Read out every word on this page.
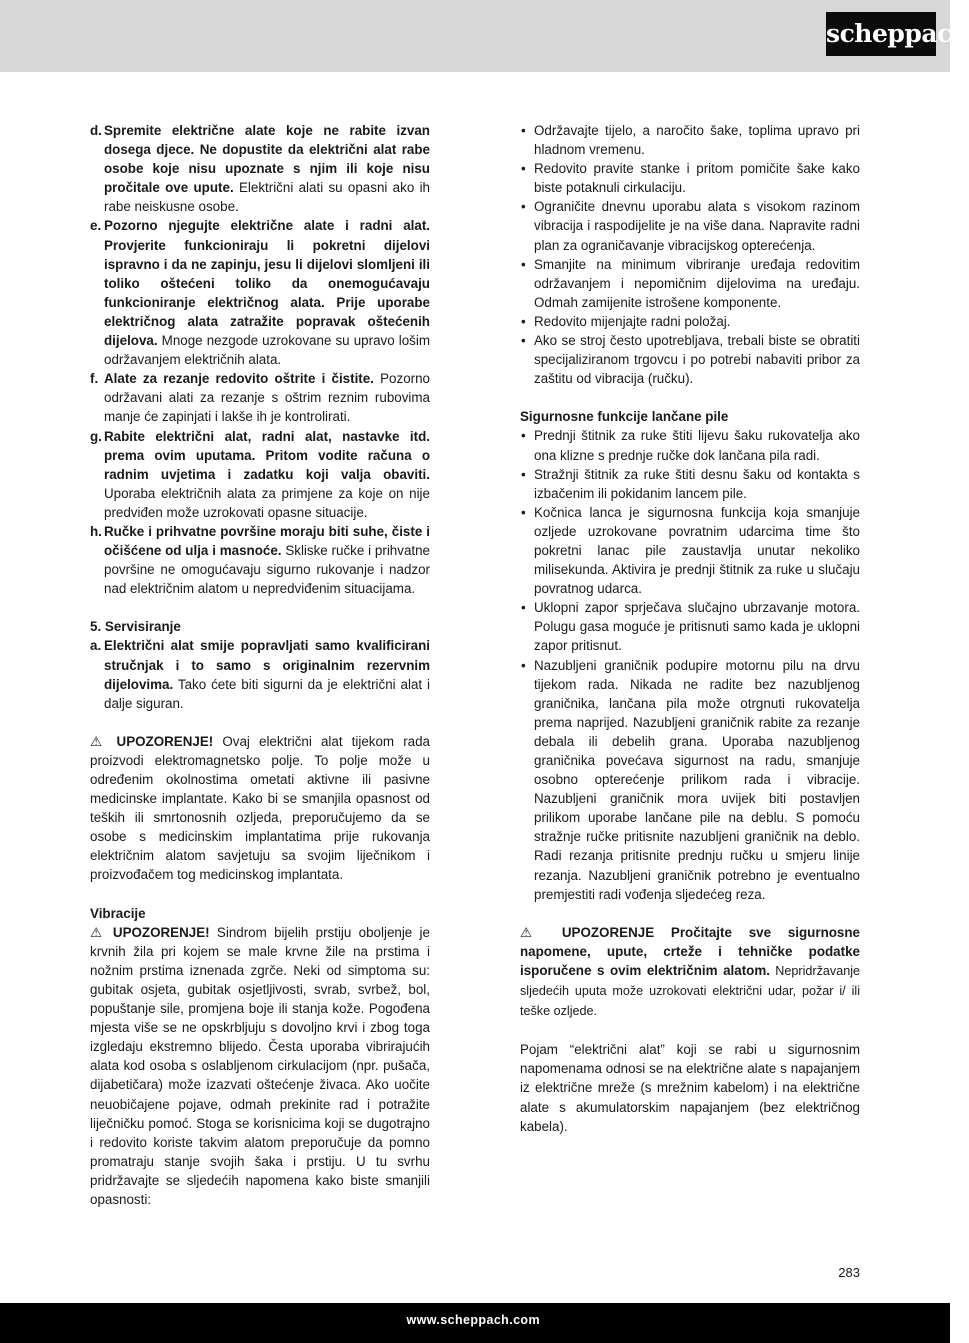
scheppach
d. Spremite električne alate koje ne rabite izvan dosega djece. Ne dopustite da električni alat rabe osobe koje nisu upoznate s njim ili koje nisu pročitale ove upute. Električni alati su opasni ako ih rabe neiskusne osobe.
e. Pozorno njegujte električne alate i radni alat. Provjerite funkcioniraju li pokretni dijelovi ispravno i da ne zapinju, jesu li dijelovi slomljeni ili toliko oštećeni toliko da onemogućavaju funkcioniranje električnog alata. Prije uporabe električnog alata zatražite popravak oštećenih dijelova. Mnoge nezgode uzrokovane su upravo lošim održavanjem električnih alata.
f. Alate za rezanje redovito oštrite i čistite. Pozorno održavani alati za rezanje s oštrim reznim rubovima manje će zapinjati i lakše ih je kontrolirati.
g. Rabite električni alat, radni alat, nastavke itd. prema ovim uputama. Pritom vodite računa o radnim uvjetima i zadatku koji valja obaviti. Uporaba električnih alata za primjene za koje on nije predviđen može uzrokovati opasne situacije.
h. Ručke i prihvatne površine moraju biti suhe, čiste i očišćene od ulja i masnoće. Skliske ručke i prihvatne površine ne omogućavaju sigurno rukovanje i nadzor nad električnim alatom u nepredviđenim situacijama.
5. Servisiranje
a. Električni alat smije popravljati samo kvalificirani stručnjak i to samo s originalnim rezervnim dijelovima. Tako ćete biti sigurni da je električni alat i dalje siguran.
⚠ UPOZORENJE! Ovaj električni alat tijekom rada proizvodi elektromagnetsko polje. To polje može u određenim okolnostima ometati aktivne ili pasivne medicinske implantate. Kako bi se smanjila opasnost od teških ili smrtonosnih ozljeda, preporučujemo da se osobe s medicinskim implantatima prije rukovanja električnim alatom savjetuju sa svojim liječnikom i proizvođačem tog medicinskog implantata.
Vibracije
⚠ UPOZORENJE! Sindrom bijelih prstiju oboljenje je krvnih žila pri kojem se male krvne žile na prstima i nožnim prstima iznenada zgrče. Neki od simptoma su: gubitak osjeta, gubitak osjetljivosti, svrab, svrbež, bol, popuštanje sile, promjena boje ili stanja kože. Pogođena mjesta više se ne opskrbljuju s dovoljno krvi i zbog toga izgledaju ekstremno blijedo. Česta uporaba vibrirajućih alata kod osoba s oslabljenom cirkulacijom (npr. pušača, dijabetičara) može izazvati oštećenje živaca. Ako uočite neuobičajene pojave, odmah prekinite rad i potražite liječničku pomoć. Stoga se korisnicima koji se dugotrajno i redovito koriste takvim alatom preporučuje da pomno promatraju stanje svojih šaka i prstiju. U tu svrhu pridržavajte se sljedećih napomena kako biste smanjili opasnosti:
• Održavajte tijelo, a naročito šake, toplima upravo pri hladnom vremenu.
• Redovito pravite stanke i pritom pomičite šake kako biste potaknuli cirkulaciju.
• Ograničite dnevnu uporabu alata s visokom razinom vibracija i raspodijelite je na više dana. Napravite radni plan za ograničavanje vibracijskog opterećenja.
• Smanjite na minimum vibriranje uređaja redovitim održavanjem i nepomičnim dijelovima na uređaju. Odmah zamijenite istrošene komponente.
• Redovito mijenjajte radni položaj.
• Ako se stroj često upotrebljava, trebali biste se obratiti specijaliziranom trgovcu i po potrebi nabaviti pribor za zaštitu od vibracija (ručku).
Sigurnosne funkcije lančane pile
• Prednji štitnik za ruke štiti lijevu šaku rukovatelja ako ona klizne s prednje ručke dok lančana pila radi.
• Stražnji štitnik za ruke štiti desnu šaku od kontakta s izbačenim ili pokidanim lancem pile.
• Kočnica lanca je sigurnosna funkcija koja smanjuje ozljede uzrokovane povratnim udarcima time što pokretni lanac pile zaustavlja unutar nekoliko milisekunda. Aktivira je prednji štitnik za ruke u slučaju povratnog udarca.
• Uklopni zapor sprječava slučajno ubrzavanje motora. Polugu gasa moguće je pritisnuti samo kada je uklopni zapor pritisnut.
• Nazubljeni graničnik podupire motornu pilu na drvu tijekom rada. Nikada ne radite bez nazubljenog graničnika, lančana pila može otrgnuti rukovatelja prema naprijed. Nazubljeni graničnik rabite za rezanje debala ili debelih grana. Uporaba nazubljenog graničnika povećava sigurnost na radu, smanjuje osobno opterećenje prilikom rada i vibracije. Nazubljeni graničnik mora uvijek biti postavljen prilikom uporabe lančane pile na deblu. S pomoću stražnje ručke pritisnite nazubljeni graničnik na deblo. Radi rezanja pritisnite prednju ručku u smjeru linije rezanja. Nazubljeni graničnik potrebno je eventualno premjestiti radi vođenja sljedećeg reza.
⚠ UPOZORENJE Pročitajte sve sigurnosne napomene, upute, crteže i tehničke podatke isporučene s ovim električnim alatom. Nepridržavanje sljedećih uputa može uzrokovati električni udar, požar i/ ili teške ozljede.
Pojam “električni alat” koji se rabi u sigurnosnim napomenama odnosi se na električne alate s napajanjem iz električne mreže (s mrežnim kabelom) i na električne alate s akumulatorskim napajanjem (bez električnog kabela).
283
www.scheppach.com
